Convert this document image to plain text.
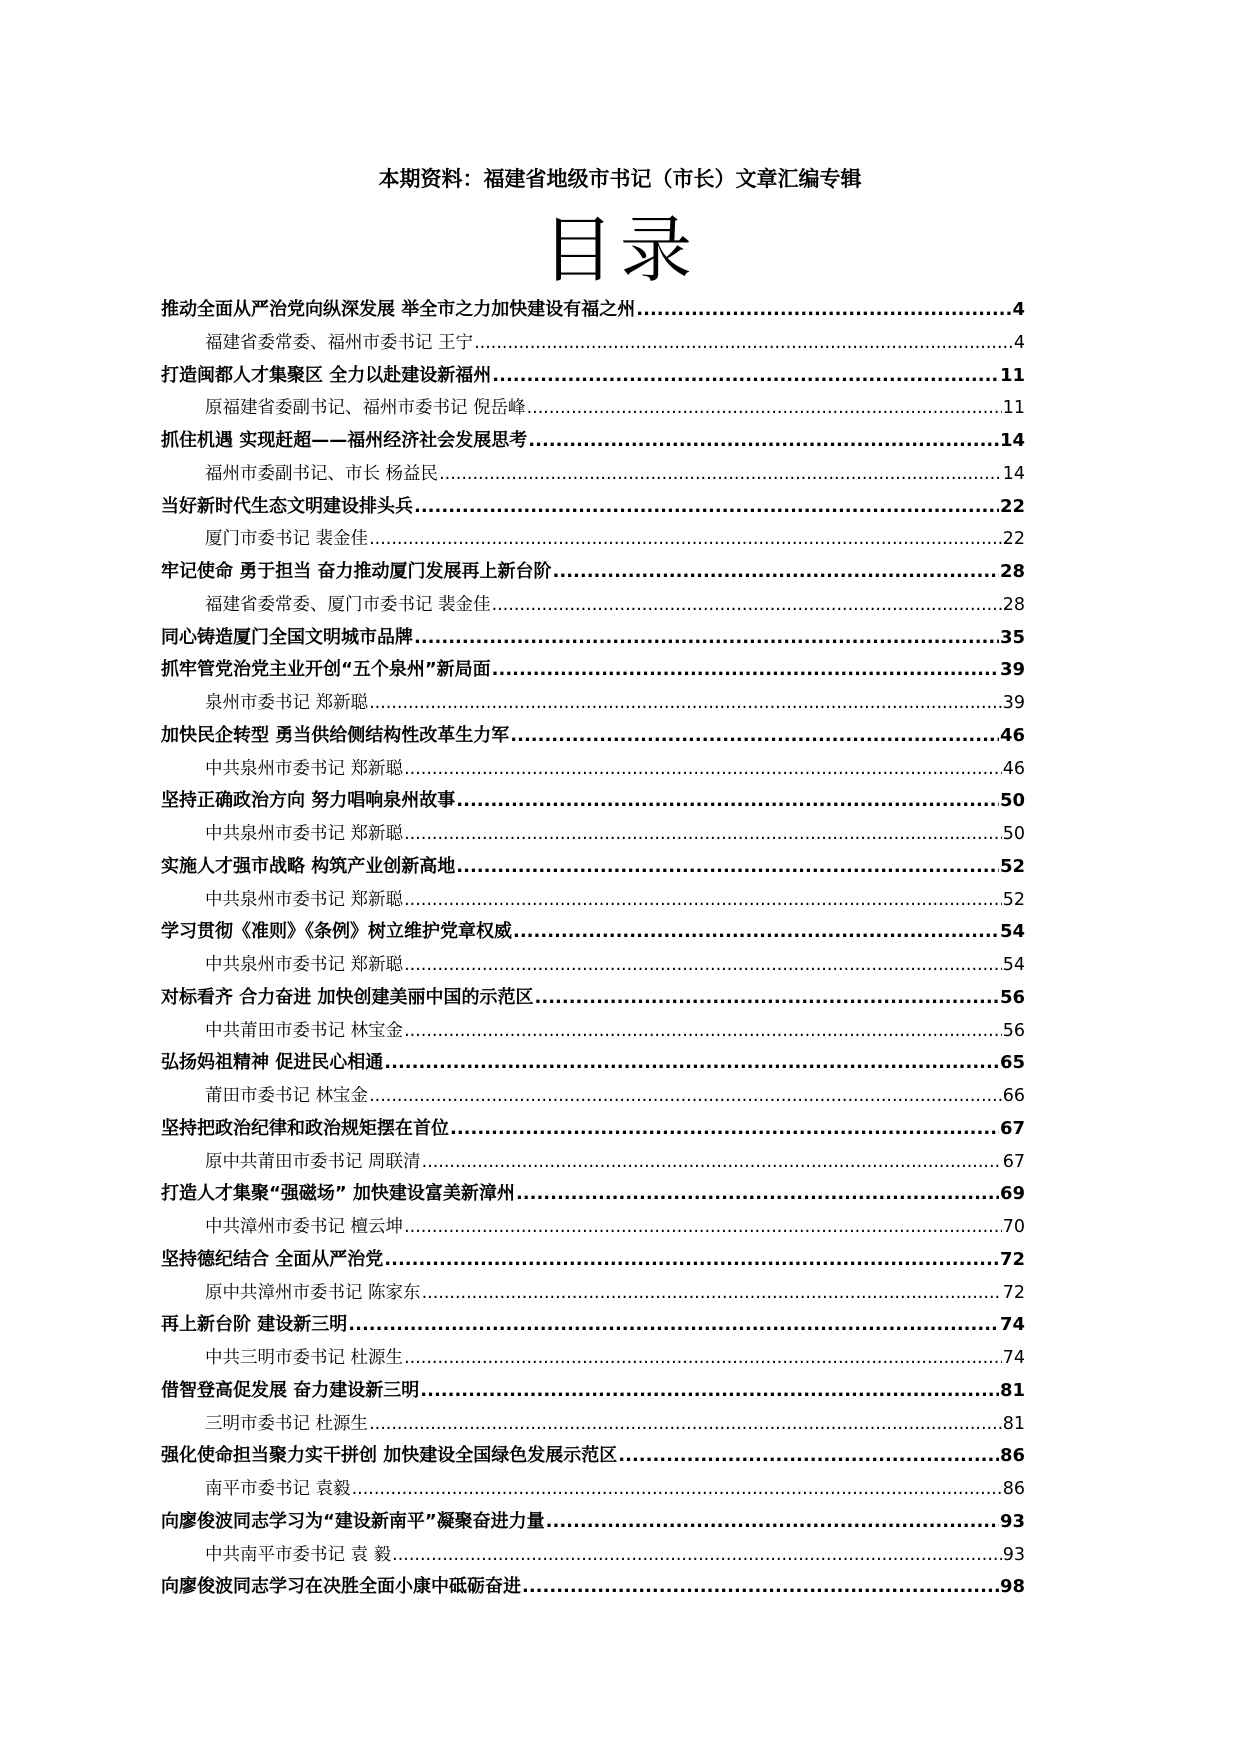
本期资料：福建省地级市书记（市长）文章汇编专辑
目录
推动全面从严治党向纵深发展 举全市之力加快建设有福之州 .....	4
福建省委常委、福州市委书记 王宁 .....	4
打造闽都人才集聚区 全力以赴建设新福州 .....	11
原福建省委副书记、福州市委书记 倪岳峰 .....	11
抓住机遇 实现赶超——福州经济社会发展思考 .....	14
福州市委副书记、市长 杨益民 .....	14
当好新时代生态文明建设排头兵 .....	22
厦门市委书记 裴金佳 .....	22
牢记使命 勇于担当 奋力推动厦门发展再上新台阶 .....	28
福建省委常委、厦门市委书记 裴金佳 .....	28
同心铸造厦门全国文明城市品牌 .....	35
抓牢管党治党主业开创“五个泉州”新局面 .....	39
泉州市委书记 郑新聪 .....	39
加快民企转型 勇当供给侧结构性改革生力军 .....	46
中共泉州市委书记 郑新聪 .....	46
坚持正确政治方向 努力唱响泉州故事 .....	50
中共泉州市委书记 郑新聪 .....	50
实施人才强市战略 构筑产业创新高地 .....	52
中共泉州市委书记 郑新聪 .....	52
学习贯彻《准则》《条例》树立维护党章权威 .....	54
中共泉州市委书记 郑新聪 .....	54
对标看齐 合力奋进 加快创建美丽中国的示范区 .....	56
中共莆田市委书记 林宝金 .....	56
弘扬妈祖精神 促进民心相通 .....	65
莆田市委书记 林宝金 .....	66
坚持把政治纪律和政治规矩摆在首位 .....	67
原中共莆田市委书记 周联清 .....	67
打造人才集聚“强磁场” 加快建设富美新漳州 .....	69
中共漳州市委书记 檀云坤 .....	70
坚持德纪结合 全面从严治党 .....	72
原中共漳州市委书记 陈家东 .....	72
再上新台阶 建设新三明 .....	74
中共三明市委书记 杜源生 .....	74
借智登高促发展 奋力建设新三明 .....	81
三明市委书记 杜源生 .....	81
强化使命担当聚力实干拼创 加快建设全国绿色发展示范区 .....	86
南平市委书记 袁毅 .....	86
向廖俊波同志学习为“建设新南平”凝聚奋进力量 .....	93
中共南平市委书记 袁 毅 .....	93
向廖俊波同志学习在决胜全面小康中砥砺奋进 .....	98
